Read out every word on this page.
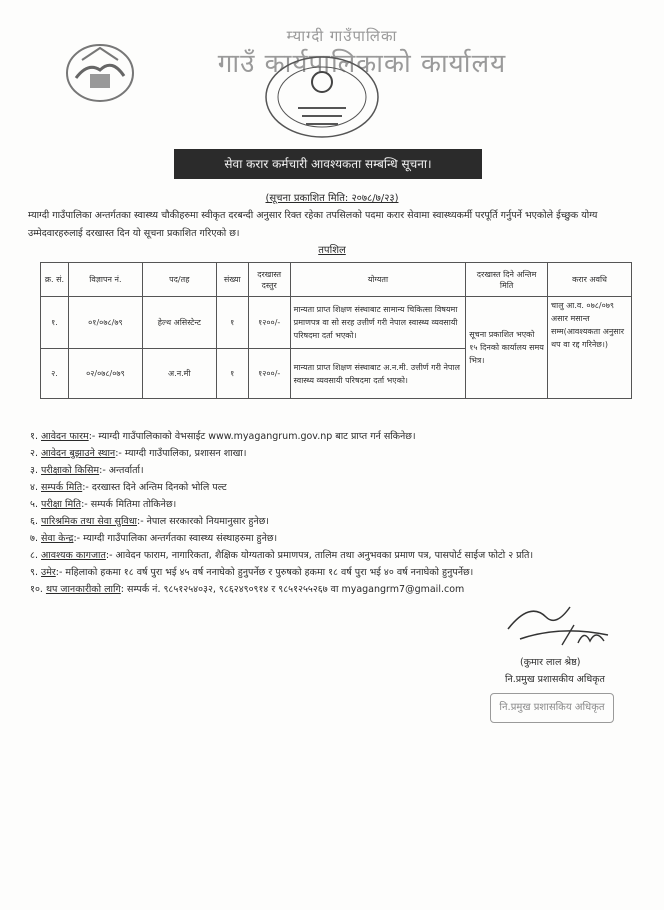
म्याग्दी गाउँपालिका
गाउँ कार्यपालिकाको कार्यालय
सेवा करार कर्मचारी आवश्यकता सम्बन्धि सूचना।
(सूचना प्रकाशित मिति: २०७८/७/२३)
म्याग्दी गाउँपालिका अन्तर्गतका स्वास्थ्य चौकीहरुमा स्वीकृत दरबन्दी अनुसार रिक्त रहेका तपसिलको पदमा करार सेवामा स्वास्थ्यकर्मी परपूर्ति गर्नुपर्ने भएकोले ईच्छुक योग्य उम्मेदवारहरुलाई दरखास्त दिन यो सूचना प्रकाशित गरिएको छ।
तपशिल
क्र. सं.	विज्ञापन नं.	पद/तह	संख्या	दरखास्त दस्तुर	योग्यता	दरखास्त दिने अन्तिम मिति	करार अवधि
१.	०१/०७८/७९	हेल्थ असिस्टेन्ट	१	१२००/-	मान्यता प्राप्त शिक्षण संस्थाबाट सामान्य चिकित्सा विषयमा प्रमाणपत्र वा सो सरह उत्तीर्ण गरी नेपाल स्वास्थ्य व्यवसायी परिषदमा दर्ता भएको।	सूचना प्रकाशित भएको १५ दिनको कार्यालय समय भित्र।	चालु आ.व. ०७८/०७९ असार मसान्त सम्म(आवश्यकता अनुसार थप वा रद्द गरिनेछ।)
२.	०२/०७८/०७९	अ.न.मी	१	१२००/-	मान्यता प्राप्त शिक्षण संस्थाबाट अ.न.मी. उत्तीर्ण गरी नेपाल स्वास्थ्य व्यवसायी परिषदमा दर्ता भएको।		
१. आवेदन फारम:- म्याग्दी गाउँपालिकाको वेभसाईट www.myagangrum.gov.np बाट प्राप्त गर्न सकिनेछ।
२. आवेदन बुझाउने स्थान:- म्याग्दी गाउँपालिका, प्रशासन शाखा।
३. परीक्षाको किसिम:- अन्तर्वार्ता।
४. सम्पर्क मिति:- दरखास्त दिने अन्तिम दिनको भोलि पल्ट
५. परीक्षा मिति:- सम्पर्क मितिमा तोकिनेछ।
६. पारिश्रमिक तथा सेवा सुविधा:- नेपाल सरकारको नियमानुसार हुनेछ।
७. सेवा केन्द्र:- म्याग्दी गाउँपालिका अन्तर्गतका स्वास्थ्य संस्थाहरुमा हुनेछ।
८. आवश्यक कागजात:- आवेदन फाराम, नागारिकता, शैक्षिक योग्यताको प्रमाणपत्र, तालिम तथा अनुभवका प्रमाण पत्र, पासपोर्ट साईज फोटो २ प्रति।
९. उमेर:- महिलाको हकमा १८ वर्ष पुरा भई ४५ वर्ष ननाघेको हुनुपर्नेछ र पुरुषको हकमा १८ वर्ष पुरा भई ४० वर्ष ननाघेको हुनुपर्नेछ।
१०. थप जानकारीको लागि: सम्पर्क नं. ९८५१२५४०३२, ९८६२४९०९१४ र ९८५१२५५२६७ वा myagangrm7@gmail.com
(कुमार लाल श्रेष्ठ)
नि.प्रमुख प्रशासकीय अधिकृत
नि.प्रमुख प्रशासकिय अधिकृत
